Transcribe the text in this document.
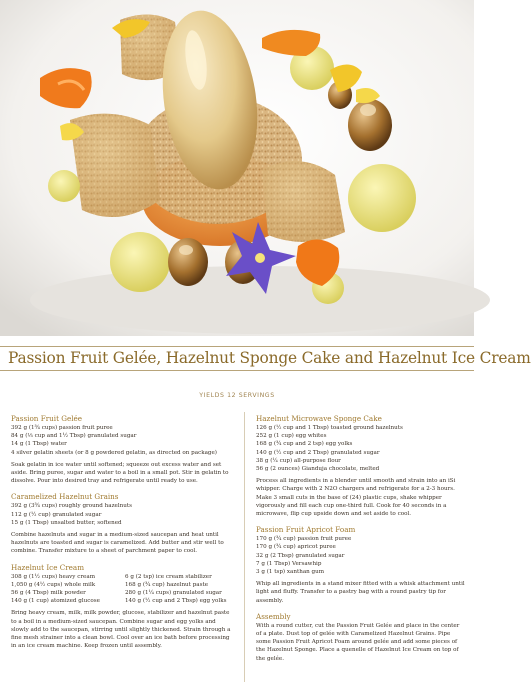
Passion Fruit Gelée, Hazelnut Sponge Cake and Hazelnut Ice Cream
YIELDS 12 SERVINGS
Passion Fruit Gelée
392 g (1¾ cups) passion fruit puree
84 g (⅓ cup and 1½ Tbsp) granulated sugar
14 g (1 Tbsp) water
4 silver gelatin sheets (or 8 g powdered gelatin, as directed on package)

Soak gelatin in ice water until softened; squeeze out excess water and set aside. Bring puree, sugar and water to a boil in a small pot. Stir in gelatin to dissolve. Pour into desired tray and refrigerate until ready to use.

Caramelized Hazelnut Grains
392 g (3¾ cups) roughly ground hazelnuts
112 g (½ cup) granulated sugar
15 g (1 Tbsp) unsalted butter, softened

Combine hazelnuts and sugar in a medium-sized saucepan and heat until hazelnuts are toasted and sugar is caramelized. Add butter and stir well to combine. Transfer mixture to a sheet of parchment paper to cool.

Hazelnut Ice Cream
308 g (1½ cups) heavy cream	6 g (2 tsp) ice cream stabilizer
1,050 g (4½ cups) whole milk	168 g (¾ cup) hazelnut paste
56 g (4 Tbsp) milk powder	280 g (1¼ cups) granulated sugar
140 g (1 cup) atomized glucose	140 g (½ cup and 2 Tbsp) egg yolks

Bring heavy cream, milk, milk powder, glucose, stabilizer and hazelnut paste to a boil in a medium-sized saucepan. Combine sugar and egg yolks and slowly add to the saucepan, stirring until slightly thickened. Strain through a fine mesh strainer into a clean bowl. Cool over an ice bath before processing in an ice cream machine. Keep frozen until assembly.

Hazelnut Microwave Sponge Cake
126 g (½ cup and 1 Tbsp) toasted ground hazelnuts
252 g (1 cup) egg whites
168 g (¾ cup and 2 tsp) egg yolks
140 g (½ cup and 2 Tbsp) granulated sugar
38 g (¼ cup) all-purpose flour
56 g (2 ounces) Gianduja chocolate, melted

Process all ingredients in a blender until smooth and strain into an iSi whipper. Charge with 2 N2O chargers and refrigerate for a 2-3 hours. Make 3 small cuts in the base of (24) plastic cups, shake whipper vigorously and fill each cup one-third full. Cook for 40 seconds in a microwave, flip cup upside down and set aside to cool.

Passion Fruit Apricot Foam
170 g (¾ cup) passion fruit puree
170 g (¾ cup) apricot puree
32 g (2 Tbsp) granulated sugar
7 g (1 Tbsp) Versawhip
3 g (1 tsp) xanthan gum

Whip all ingredients in a stand mixer fitted with a whisk attachment until light and fluffy. Transfer to a pastry bag with a round pastry tip for assembly.

Assembly

With a round cutter, cut the Passion Fruit Gelée and place in the center of a plate. Dust top of gelée with Caramelized Hazelnut Grains. Pipe some Passion Fruit Apricot Foam around gelée and add some pieces of the Hazelnut Sponge. Place a quenelle of Hazelnut Ice Cream on top of the gelée.
